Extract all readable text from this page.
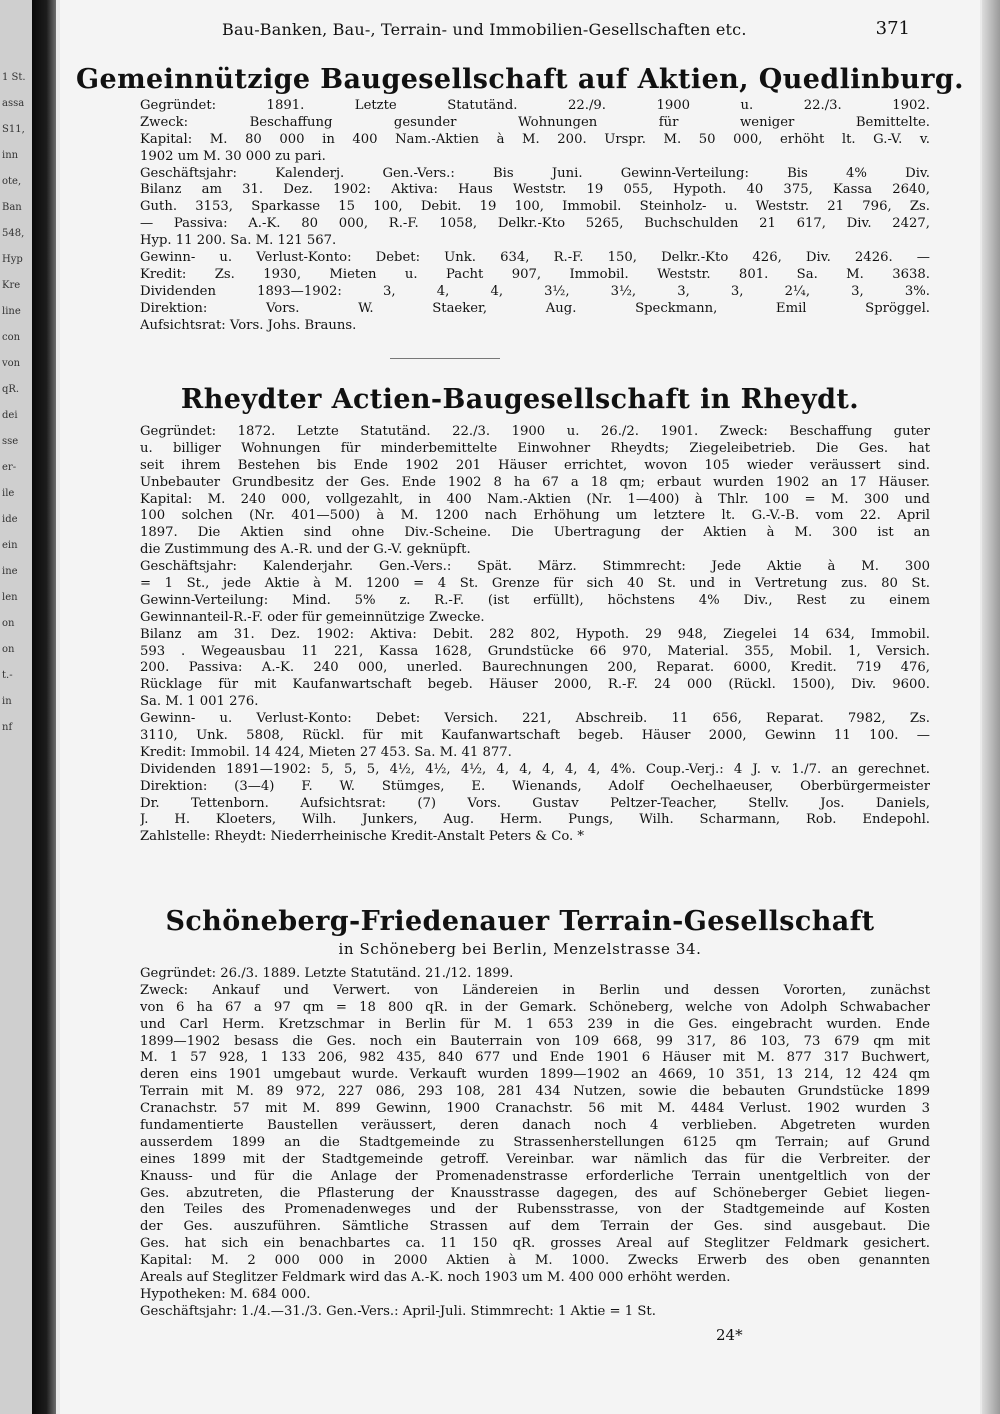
1 St.
assa
S11,
inn
ote,
Ban
548,
Hyp
Kre
line
con
von
qR.
dei
sse
er-
ile
ide
ein
ine
len
on
on
t.-
in
nf
Bau-Banken, Bau-, Terrain- und Immobilien-Gesellschaften etc.	371
Gemeinnützige Baugesellschaft auf Aktien, Quedlinburg.
Gegründet: 1891. Letzte Statutänd. 22./9. 1900 u. 22./3. 1902.
Zweck: Beschaffung gesunder Wohnungen für weniger Bemittelte.
Kapital: M. 80 000 in 400 Nam.-Aktien à M. 200. Urspr. M. 50 000, erhöht lt. G.-V. v.
1902 um M. 30 000 zu pari.
Geschäftsjahr: Kalenderj. Gen.-Vers.: Bis Juni. Gewinn-Verteilung: Bis 4% Div.
Bilanz am 31. Dez. 1902: Aktiva: Haus Weststr. 19 055, Hypoth. 40 375, Kassa 2640,
Guth. 3153, Sparkasse 15 100, Debit. 19 100, Immobil. Steinholz- u. Weststr. 21 796, Zs.
— Passiva: A.-K. 80 000, R.-F. 1058, Delkr.-Kto 5265, Buchschulden 21 617, Div. 2427,
Hyp. 11 200. Sa. M. 121 567.
Gewinn- u. Verlust-Konto: Debet: Unk. 634, R.-F. 150, Delkr.-Kto 426, Div. 2426. —
Kredit: Zs. 1930, Mieten u. Pacht 907, Immobil. Weststr. 801. Sa. M. 3638.
Dividenden 1893—1902: 3, 4, 4, 3½, 3½, 3, 3, 2¼, 3, 3%.
Direktion: Vors. W. Staeker, Aug. Speckmann, Emil Spröggel.
Aufsichtsrat: Vors. Johs. Brauns.
Rheydter Actien-Baugesellschaft in Rheydt.
Gegründet: 1872. Letzte Statutänd. 22./3. 1900 u. 26./2. 1901. Zweck: Beschaffung guter
u. billiger Wohnungen für minderbemittelte Einwohner Rheydts; Ziegeleibetrieb. Die Ges. hat
seit ihrem Bestehen bis Ende 1902 201 Häuser errichtet, wovon 105 wieder veräussert sind.
Unbebauter Grundbesitz der Ges. Ende 1902 8 ha 67 a 18 qm; erbaut wurden 1902 an 17 Häuser.
Kapital: M. 240 000, vollgezahlt, in 400 Nam.-Aktien (Nr. 1—400) à Thlr. 100 = M. 300 und
100 solchen (Nr. 401—500) à M. 1200 nach Erhöhung um letztere lt. G.-V.-B. vom 22. April
1897. Die Aktien sind ohne Div.-Scheine. Die Übertragung der Aktien à M. 300 ist an
die Zustimmung des A.-R. und der G.-V. geknüpft.
Geschäftsjahr: Kalenderjahr. Gen.-Vers.: Spät. März. Stimmrecht: Jede Aktie à M. 300
= 1 St., jede Aktie à M. 1200 = 4 St. Grenze für sich 40 St. und in Vertretung zus. 80 St.
Gewinn-Verteilung: Mind. 5% z. R.-F. (ist erfüllt), höchstens 4% Div., Rest zu einem
Gewinnanteil-R.-F. oder für gemeinnützige Zwecke.
Bilanz am 31. Dez. 1902: Aktiva: Debit. 282 802, Hypoth. 29 948, Ziegelei 14 634, Immobil.
593 . Wegeausbau 11 221, Kassa 1628, Grundstücke 66 970, Material. 355, Mobil. 1, Versich.
200. Passiva: A.-K. 240 000, unerled. Baurechnungen 200, Reparat. 6000, Kredit. 719 476,
Rücklage für mit Kaufanwartschaft begeb. Häuser 2000, R.-F. 24 000 (Rückl. 1500), Div. 9600.
Sa. M. 1 001 276.
Gewinn- u. Verlust-Konto: Debet: Versich. 221, Abschreib. 11 656, Reparat. 7982, Zs.
3110, Unk. 5808, Rückl. für mit Kaufanwartschaft begeb. Häuser 2000, Gewinn 11 100. —
Kredit: Immobil. 14 424, Mieten 27 453. Sa. M. 41 877.
Dividenden 1891—1902: 5, 5, 5, 4½, 4½, 4½, 4, 4, 4, 4, 4, 4%. Coup.-Verj.: 4 J. v. 1./7. an gerechnet.
Direktion: (3—4) F. W. Stümges, E. Wienands, Adolf Oechelhaeuser, Oberbürgermeister
Dr. Tettenborn. Aufsichtsrat: (7) Vors. Gustav Peltzer-Teacher, Stellv. Jos. Daniels,
J. H. Kloeters, Wilh. Junkers, Aug. Herm. Pungs, Wilh. Scharmann, Rob. Endepohl.
Zahlstelle: Rheydt: Niederrheinische Kredit-Anstalt Peters & Co. *
Schöneberg-Friedenauer Terrain-Gesellschaft
in Schöneberg bei Berlin, Menzelstrasse 34.
Gegründet: 26./3. 1889. Letzte Statutänd. 21./12. 1899.
Zweck: Ankauf und Verwert. von Ländereien in Berlin und dessen Vororten, zunächst
von 6 ha 67 a 97 qm = 18 800 qR. in der Gemark. Schöneberg, welche von Adolph Schwabacher
und Carl Herm. Kretzschmar in Berlin für M. 1 653 239 in die Ges. eingebracht wurden. Ende
1899—1902 besass die Ges. noch ein Bauterrain von 109 668, 99 317, 86 103, 73 679 qm mit
M. 1 57 928, 1 133 206, 982 435, 840 677 und Ende 1901 6 Häuser mit M. 877 317 Buchwert,
deren eins 1901 umgebaut wurde. Verkauft wurden 1899—1902 an 4669, 10 351, 13 214, 12 424 qm
Terrain mit M. 89 972, 227 086, 293 108, 281 434 Nutzen, sowie die bebauten Grundstücke 1899
Cranachstr. 57 mit M. 899 Gewinn, 1900 Cranachstr. 56 mit M. 4484 Verlust. 1902 wurden 3
fundamentierte Baustellen veräussert, deren danach noch 4 verblieben. Abgetreten wurden
ausserdem 1899 an die Stadtgemeinde zu Strassenherstellungen 6125 qm Terrain; auf Grund
eines 1899 mit der Stadtgemeinde getroff. Vereinbar. war nämlich das für die Verbreiter. der
Knauss- und für die Anlage der Promenadenstrasse erforderliche Terrain unentgeltlich von der
Ges. abzutreten, die Pflasterung der Knausstrasse dagegen, des auf Schöneberger Gebiet liegen-
den Teiles des Promenadenweges und der Rubensstrasse, von der Stadtgemeinde auf Kosten
der Ges. auszuführen. Sämtliche Strassen auf dem Terrain der Ges. sind ausgebaut. Die
Ges. hat sich ein benachbartes ca. 11 150 qR. grosses Areal auf Steglitzer Feldmark gesichert.
Kapital: M. 2 000 000 in 2000 Aktien à M. 1000. Zwecks Erwerb des oben genannten
Areals auf Steglitzer Feldmark wird das A.-K. noch 1903 um M. 400 000 erhöht werden.
Hypotheken: M. 684 000.
Geschäftsjahr: 1./4.—31./3. Gen.-Vers.: April-Juli. Stimmrecht: 1 Aktie = 1 St.
24*
